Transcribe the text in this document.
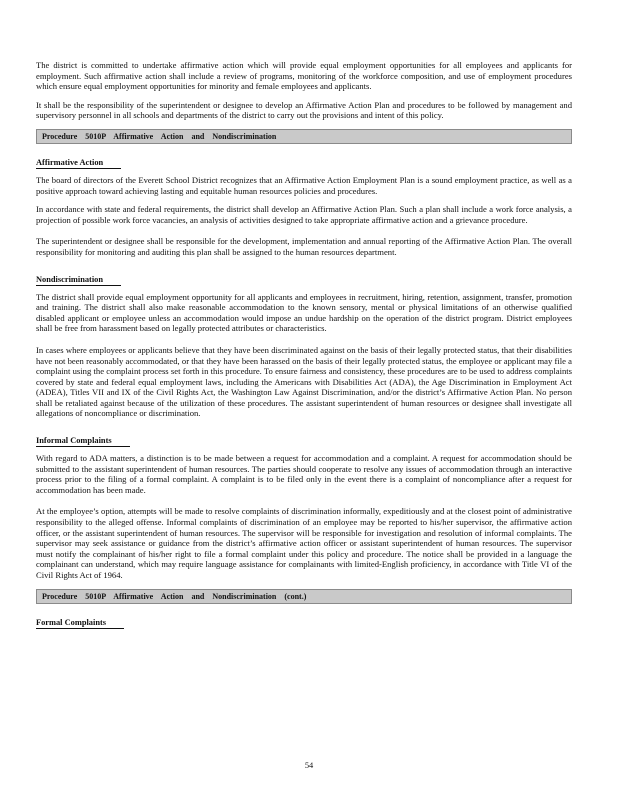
The district is committed to undertake affirmative action which will provide equal employment opportunities for all employees and applicants for employment. Such affirmative action shall include a review of programs, monitoring of the workforce composition, and use of employment procedures which ensure equal employment opportunities for minority and female employees and applicants.

It shall be the responsibility of the superintendent or designee to develop an Affirmative Action Plan and procedures to be followed by management and supervisory personnel in all schools and departments of the district to carry out the provisions and intent of this policy.

Procedure 5010P Affirmative Action and Nondiscrimination
Affirmative Action

The board of directors of the Everett School District recognizes that an Affirmative Action Employment Plan is a sound employment practice, as well as a positive approach toward achieving lasting and equitable human resources policies and procedures.

In accordance with state and federal requirements, the district shall develop an Affirmative Action Plan. Such a plan shall include a work force analysis, a projection of possible work force vacancies, an analysis of activities designed to take appropriate affirmative action and a grievance procedure.

The superintendent or designee shall be responsible for the development, implementation and annual reporting of the Affirmative Action Plan. The overall responsibility for monitoring and auditing this plan shall be assigned to the human resources department.

Nondiscrimination

The district shall provide equal employment opportunity for all applicants and employees in recruitment, hiring, retention, assignment, transfer, promotion and training. The district shall also make reasonable accommodation to the known sensory, mental or physical limitations of an otherwise qualified disabled applicant or employee unless an accommodation would impose an undue hardship on the operation of the district program. District employees shall be free from harassment based on legally protected attributes or characteristics.

In cases where employees or applicants believe that they have been discriminated against on the basis of their legally protected status, that their disabilities have not been reasonably accommodated, or that they have been harassed on the basis of their legally protected status, the employee or applicant may file a complaint using the complaint process set forth in this procedure. To ensure fairness and consistency, these procedures are to be used to address complaints covered by state and federal equal employment laws, including the Americans with Disabilities Act (ADA), the Age Discrimination in Employment Act (ADEA), Titles VII and IX of the Civil Rights Act, the Washington Law Against Discrimination, and/or the district’s Affirmative Action Plan. No person shall be retaliated against because of the utilization of these procedures. The assistant superintendent of human resources or designee shall investigate all allegations of noncompliance or discrimination.

Informal Complaints

With regard to ADA matters, a distinction is to be made between a request for accommodation and a complaint. A request for accommodation should be submitted to the assistant superintendent of human resources. The parties should cooperate to resolve any issues of accommodation through an interactive process prior to the filing of a formal complaint. A complaint is to be filed only in the event there is a complaint of noncompliance after a request for accommodation has been made.

At the employee’s option, attempts will be made to resolve complaints of discrimination informally, expeditiously and at the closest point of administrative responsibility to the alleged offense. Informal complaints of discrimination of an employee may be reported to his/her supervisor, the affirmative action officer, or the assistant superintendent of human resources. The supervisor will be responsible for investigation and resolution of informal complaints. The supervisor may seek assistance or guidance from the district’s affirmative action officer or assistant superintendent of human resources. The supervisor must notify the complainant of his/her right to file a formal complaint under this policy and procedure. The notice shall be provided in a language the complainant can understand, which may require language assistance for complainants with limited-English proficiency, in accordance with Title VI of the Civil Rights Act of 1964.

Procedure 5010P Affirmative Action and Nondiscrimination (cont.)
Formal Complaints
54
